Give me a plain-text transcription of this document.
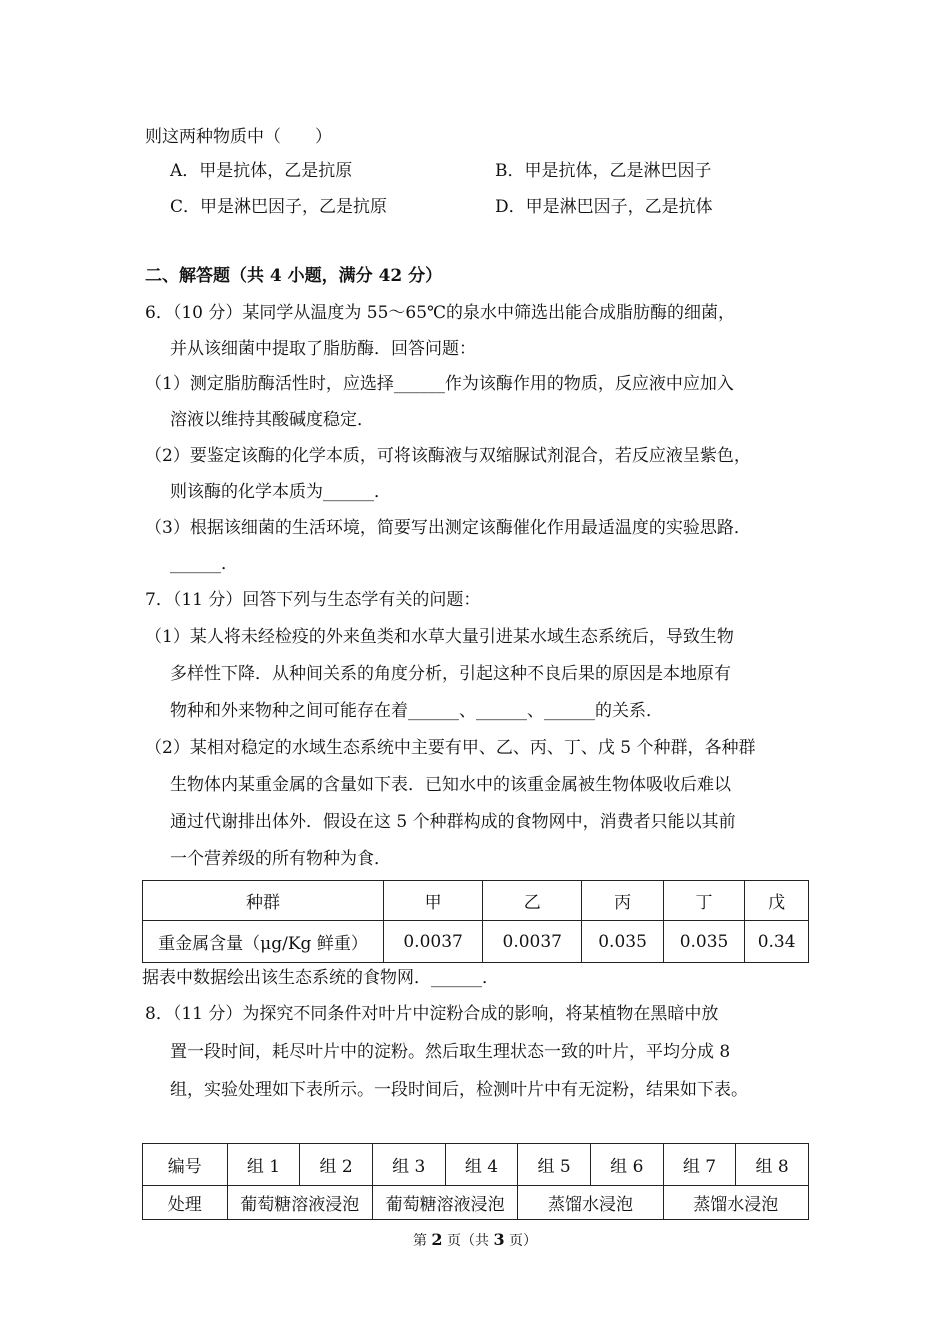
则这两种物质中（　　）
A．甲是抗体，乙是抗原	B．甲是抗体，乙是淋巴因子
C．甲是淋巴因子，乙是抗原	D．甲是淋巴因子，乙是抗体
二、解答题（共 4 小题，满分 42 分）
6．（10 分）某同学从温度为 55～65℃的泉水中筛选出能合成脂肪酶的细菌，
并从该细菌中提取了脂肪酶．回答问题：
（1）测定脂肪酶活性时，应选择______作为该酶作用的物质，反应液中应加入
溶液以维持其酸碱度稳定．
（2）要鉴定该酶的化学本质，可将该酶液与双缩脲试剂混合，若反应液呈紫色，
则该酶的化学本质为______．
（3）根据该细菌的生活环境，简要写出测定该酶催化作用最适温度的实验思路．
______．
7．（11 分）回答下列与生态学有关的问题：
（1）某人将未经检疫的外来鱼类和水草大量引进某水域生态系统后，导致生物
多样性下降．从种间关系的角度分析，引起这种不良后果的原因是本地原有
物种和外来物种之间可能存在着______、______、______的关系．
（2）某相对稳定的水域生态系统中主要有甲、乙、丙、丁、戊 5 个种群，各种群
生物体内某重金属的含量如下表．已知水中的该重金属被生物体吸收后难以
通过代谢排出体外．假设在这 5 个种群构成的食物网中，消费者只能以其前
一个营养级的所有物种为食．
种群	甲	乙	丙	丁	戊
重金属含量（μg/Kg 鲜重）	0.0037	0.0037	0.035	0.035	0.34
据表中数据绘出该生态系统的食物网．______．
8．（11 分）为探究不同条件对叶片中淀粉合成的影响，将某植物在黑暗中放
置一段时间，耗尽叶片中的淀粉。然后取生理状态一致的叶片，平均分成 8
组，实验处理如下表所示。一段时间后，检测叶片中有无淀粉，结果如下表。
编号	组 1	组 2	组 3	组 4	组 5	组 6	组 7	组 8
处理	葡萄糖溶液浸泡		葡萄糖溶液浸泡		蒸馏水浸泡		蒸馏水浸泡	
第 2 页（共 3 页）
